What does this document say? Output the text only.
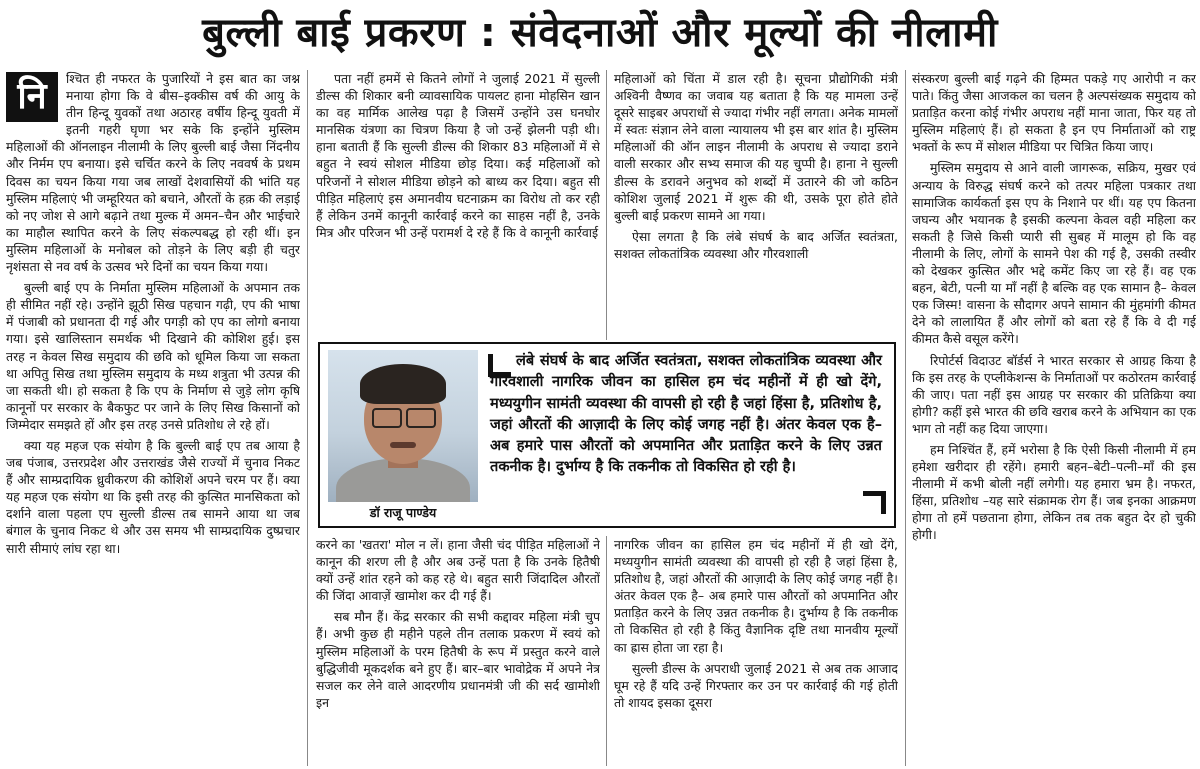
बुल्ली बाई प्रकरण : संवेदनाओं और मूल्यों की नीलामी
नि	श्चित ही नफरत के पुजारियों ने इस बात का जश्न मनाया होगा कि वे बीस–इक्कीस वर्ष की आयु के तीन हिन्दू युवकों तथा अठारह वर्षीय हिन्दू युवती में इतनी गहरी घृणा भर सके कि इन्होंने मुस्लिम महिलाओं की ऑनलाइन नीलामी के लिए बुल्ली बाई जैसा निंदनीय और निर्मम एप बनाया। इसे चर्चित करने के लिए नववर्ष के प्रथम दिवस का चयन किया गया जब लाखों देशवासियों की भांति यह मुस्लिम महिलाएं भी जम्हूरियत को बचाने, औरतों के हक़ की लड़ाई को नए जोश से आगे बढ़ाने तथा मुल्क में अमन–चैन और भाईचारे का माहौल स्थापित करने के लिए संकल्पबद्ध हो रही थीं। इन मुस्लिम महिलाओं के मनोबल को तोड़ने के लिए बड़ी ही चतुर नृशंसता से नव वर्ष के उत्सव भरे दिनों का चयन किया गया।

बुल्ली बाई एप के निर्माता मुस्लिम महिलाओं के अपमान तक ही सीमित नहीं रहे। उन्होंने झूठी सिख पहचान गढ़ी, एप की भाषा में पंजाबी को प्रधानता दी गई और पगड़ी को एप का लोगो बनाया गया। इसे खालिस्तान समर्थक भी दिखाने की कोशिश हुई। इस तरह न केवल सिख समुदाय की छवि को धूमिल किया जा सकता था अपितु सिख तथा मुस्लिम समुदाय के मध्य शत्रुता भी उत्पन्न की जा सकती थी। हो सकता है कि एप के निर्माण से जुड़े लोग कृषि कानूनों पर सरकार के बैकफुट पर जाने के लिए सिख किसानों को जिम्मेदार समझते हों और इस तरह उनसे प्रतिशोध ले रहे हों।

क्या यह महज एक संयोग है कि बुल्ली बाई एप तब आया है जब पंजाब, उत्तरप्रदेश और उत्तराखंड जैसे राज्यों में चुनाव निकट हैं और साम्प्रदायिक ध्रुवीकरण की कोशिशें अपने चरम पर हैं। क्या यह महज एक संयोग था कि इसी तरह की कुत्सित मानसिकता को दर्शाने वाला पहला एप सुल्ली डील्स तब सामने आया था जब बंगाल के चुनाव निकट थे और उस समय भी साम्प्रदायिक दुष्प्रचार सारी सीमाएं लांघ रहा था।

पता नहीं हममें से कितने लोगों ने जुलाई 2021 में सुल्ली डील्स की शिकार बनी व्यावसायिक पायलट हाना मोहसिन खान का वह मार्मिक आलेख पढ़ा है जिसमें उन्होंने उस घनघोर मानसिक यंत्रणा का चित्रण किया है जो उन्हें झेलनी पड़ी थी। हाना बताती हैं कि सुल्ली डील्स की शिकार 83 महिलाओं में से बहुत ने स्वयं सोशल मीडिया छोड़ दिया। कई महिलाओं को परिजनों ने सोशल मीडिया छोड़ने को बाध्य कर दिया। बहुत सी पीड़ित महिलाएं इस अमानवीय घटनाक्रम का विरोध तो कर रही हैं लेकिन उनमें कानूनी कार्रवाई करने का साहस नहीं है, उनके मित्र और परिजन भी उन्हें परामर्श दे रहे हैं कि वे कानूनी कार्रवाई

महिलाओं को चिंता में डाल रही है। सूचना प्रौद्योगिकी मंत्री अश्विनी वैष्णव का जवाब यह बताता है कि यह मामला उन्हें दूसरे साइबर अपराधों से ज्यादा गंभीर नहीं लगता। अनेक मामलों में स्वतः संज्ञान लेने वाला न्यायालय भी इस बार शांत है। मुस्लिम महिलाओं की ऑन लाइन नीलामी के अपराध से ज्यादा डराने वाली सरकार और सभ्य समाज की यह चुप्पी है। हाना ने सुल्ली डील्स के डरावने अनुभव को शब्दों में उतारने की जो कठिन कोशिश जुलाई 2021 में शुरू की थी, उसके पूरा होते होते बुल्ली बाई प्रकरण सामने आ गया।

ऐसा लगता है कि लंबे संघर्ष के बाद अर्जित स्वतंत्रता, सशक्त लोकतांत्रिक व्यवस्था और गौरवशाली

डॉ राजू पाण्डेय
लंबे संघर्ष के बाद अर्जित स्वतंत्रता, सशक्त लोकतांत्रिक व्यवस्था और गौरवशाली नागरिक जीवन का हासिल हम चंद महीनों में ही खो देंगे, मध्ययुगीन सामंती व्यवस्था की वापसी हो रही है जहां हिंसा है, प्रतिशोध है, जहां औरतों की आज़ादी के लिए कोई जगह नहीं है। अंतर केवल एक है– अब हमारे पास औरतों को अपमानित और प्रताड़ित करने के लिए उन्नत तकनीक है। दुर्भाग्य है कि तकनीक तो विकसित हो रही है।

करने का 'खतरा' मोल न लें। हाना जैसी चंद पीड़ित महिलाओं ने कानून की शरण ली है और अब उन्हें पता है कि उनके हितैषी क्यों उन्हें शांत रहने को कह रहे थे। बहुत सारी जिंदादिल औरतों की जिंदा आवाज़ें खामोश कर दी गई हैं।

सब मौन हैं। केंद्र सरकार की सभी कद्दावर महिला मंत्री चुप हैं। अभी कुछ ही महीने पहले तीन तलाक प्रकरण में स्वयं को मुस्लिम महिलाओं के परम हितैषी के रूप में प्रस्तुत करने वाले बुद्धिजीवी मूकदर्शक बने हुए हैं। बार–बार भावोद्रेक में अपने नेत्र सजल कर लेने वाले आदरणीय प्रधानमंत्री जी की सर्द खामोशी इन

नागरिक जीवन का हासिल हम चंद महीनों में ही खो देंगे, मध्ययुगीन सामंती व्यवस्था की वापसी हो रही है जहां हिंसा है, प्रतिशोध है, जहां औरतों की आज़ादी के लिए कोई जगह नहीं है। अंतर केवल एक है– अब हमारे पास औरतों को अपमानित और प्रताड़ित करने के लिए उन्नत तकनीक है। दुर्भाग्य है कि तकनीक तो विकसित हो रही है किंतु वैज्ञानिक दृष्टि तथा मानवीय मूल्यों का ह्रास होता जा रहा है।

सुल्ली डील्स के अपराधी जुलाई 2021 से अब तक आजाद घूम रहे हैं यदि उन्हें गिरफ्तार कर उन पर कार्रवाई की गई होती तो शायद इसका दूसरा

संस्करण बुल्ली बाई गढ़ने की हिम्मत पकड़े गए आरोपी न कर पाते। किंतु जैसा आजकल का चलन है अल्पसंख्यक समुदाय को प्रताड़ित करना कोई गंभीर अपराध नहीं माना जाता, फिर यह तो मुस्लिम महिलाएं हैं। हो सकता है इन एप निर्माताओं को राष्ट्र भक्तों के रूप में सोशल मीडिया पर चित्रित किया जाए।

मुस्लिम समुदाय से आने वाली जागरूक, सक्रिय, मुखर एवं अन्याय के विरुद्ध संघर्ष करने को तत्पर महिला पत्रकार तथा सामाजिक कार्यकर्ता इस एप के निशाने पर थीं। यह एप कितना जघन्य और भयानक है इसकी कल्पना केवल वही महिला कर सकती है जिसे किसी प्यारी सी सुबह में मालूम हो कि वह नीलामी के लिए, लोगों के सामने पेश की गई है, उसकी तस्वीर को देखकर कुत्सित और भद्दे कमेंट किए जा रहे हैं। वह एक बहन, बेटी, पत्नी या माँ नहीं है बल्कि वह एक सामान है– केवल एक जिस्म! वासना के सौदागर अपने सामान की मुंहमांगी कीमत देने को लालायित हैं और लोगों को बता रहे हैं कि वे दी गई कीमत कैसे वसूल करेंगे।

रिपोर्टर्स विदाउट बॉर्डर्स ने भारत सरकार से आग्रह किया है कि इस तरह के एप्लीकेशन्स के निर्माताओं पर कठोरतम कार्रवाई की जाए। पता नहीं इस आग्रह पर सरकार की प्रतिक्रिया क्या होगी? कहीं इसे भारत की छवि खराब करने के अभियान का एक भाग तो नहीं कह दिया जाएगा।

हम निश्चिंत हैं, हमें भरोसा है कि ऐसी किसी नीलामी में हम हमेशा खरीदार ही रहेंगे। हमारी बहन–बेटी–पत्नी–माँ की इस नीलामी में कभी बोली नहीं लगेगी। यह हमारा भ्रम है। नफरत, हिंसा, प्रतिशोध –यह सारे संक्रामक रोग हैं। जब इनका आक्रमण होगा तो हमें पछताना होगा, लेकिन तब तक बहुत देर हो चुकी होगी।
